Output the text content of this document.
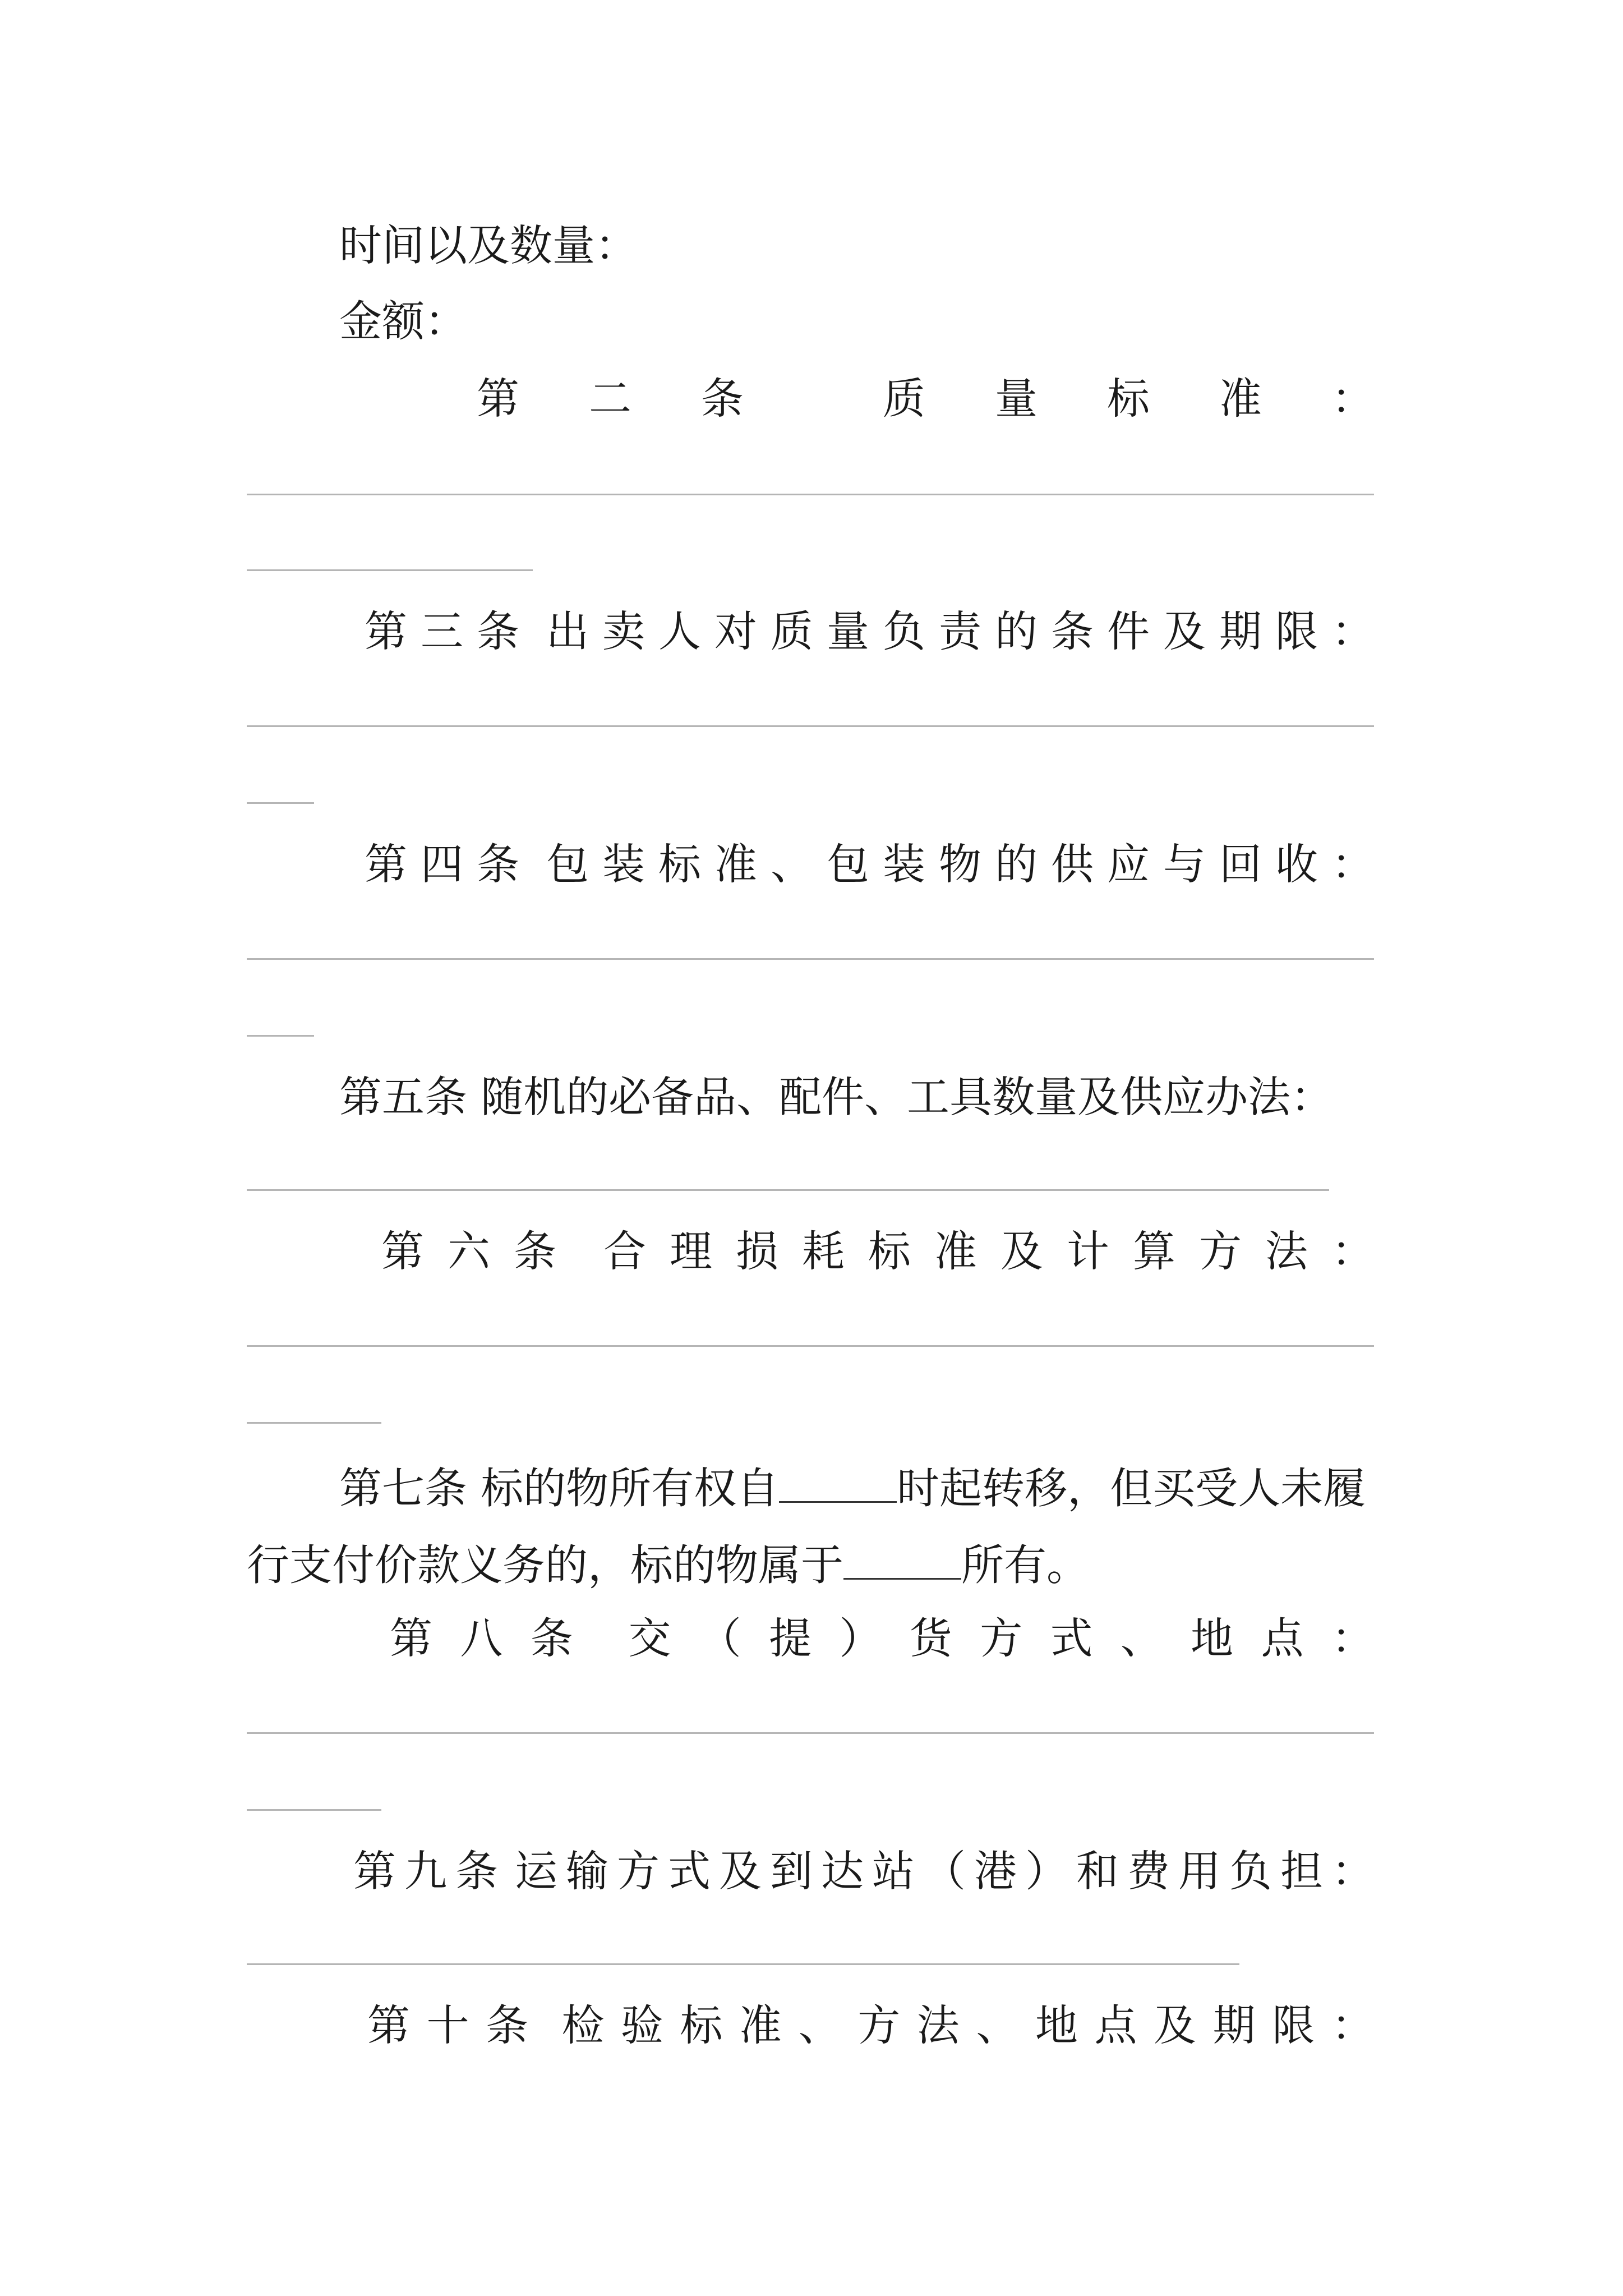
时间以及数量：
金额：
第 二 条	质 量 标 准 ：
第 三 条 出 卖 人 对 质 量 负 责 的 条 件 及 期 限 ：
第 四 条 包 装 标 准 、 包 装 物 的 供 应 与 回 收 ：
第五条 随机的必备品、配件、工具数量及供应办法：
第 六 条 合 理 损 耗 标 准 及 计 算 方 法 ：
第七条 标的物所有权自	时起转移，但买受人未履
行支付价款义务的，标的物属于	所有。
第 八 条 交 （ 提 ） 货 方 式 、 地 点 ：
第 九 条 运 输 方 式 及 到 达 站 （ 港 ） 和 费 用 负 担 ：
第 十 条 检 验 标 准 、 方 法 、 地 点 及 期 限 ：
